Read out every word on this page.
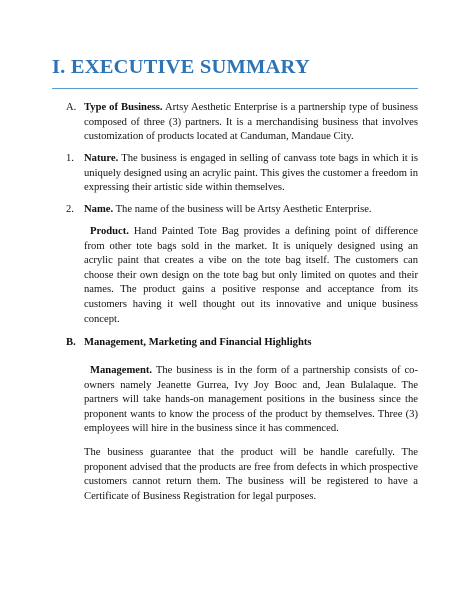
I. EXECUTIVE SUMMARY
A. Type of Business. Artsy Aesthetic Enterprise is a partnership type of business composed of three (3) partners. It is a merchandising business that involves customization of products located at Canduman, Mandaue City.
1. Nature. The business is engaged in selling of canvass tote bags in which it is uniquely designed using an acrylic paint. This gives the customer a freedom in expressing their artistic side within themselves.
2. Name. The name of the business will be Artsy Aesthetic Enterprise.
Product. Hand Painted Tote Bag provides a defining point of difference from other tote bags sold in the market. It is uniquely designed using an acrylic paint that creates a vibe on the tote bag itself. The customers can choose their own design on the tote bag but only limited on quotes and their names. The product gains a positive response and acceptance from its customers having it well thought out its innovative and unique business concept.
B. Management, Marketing and Financial Highlights
Management. The business is in the form of a partnership consists of co-owners namely Jeanette Gurrea, Ivy Joy Booc and, Jean Bulalaque. The partners will take hands-on management positions in the business since the proponent wants to know the process of the product by themselves. Three (3) employees will hire in the business since it has commenced.
The business guarantee that the product will be handle carefully. The proponent advised that the products are free from defects in which prospective customers cannot return them. The business will be registered to have a Certificate of Business Registration for legal purposes.
